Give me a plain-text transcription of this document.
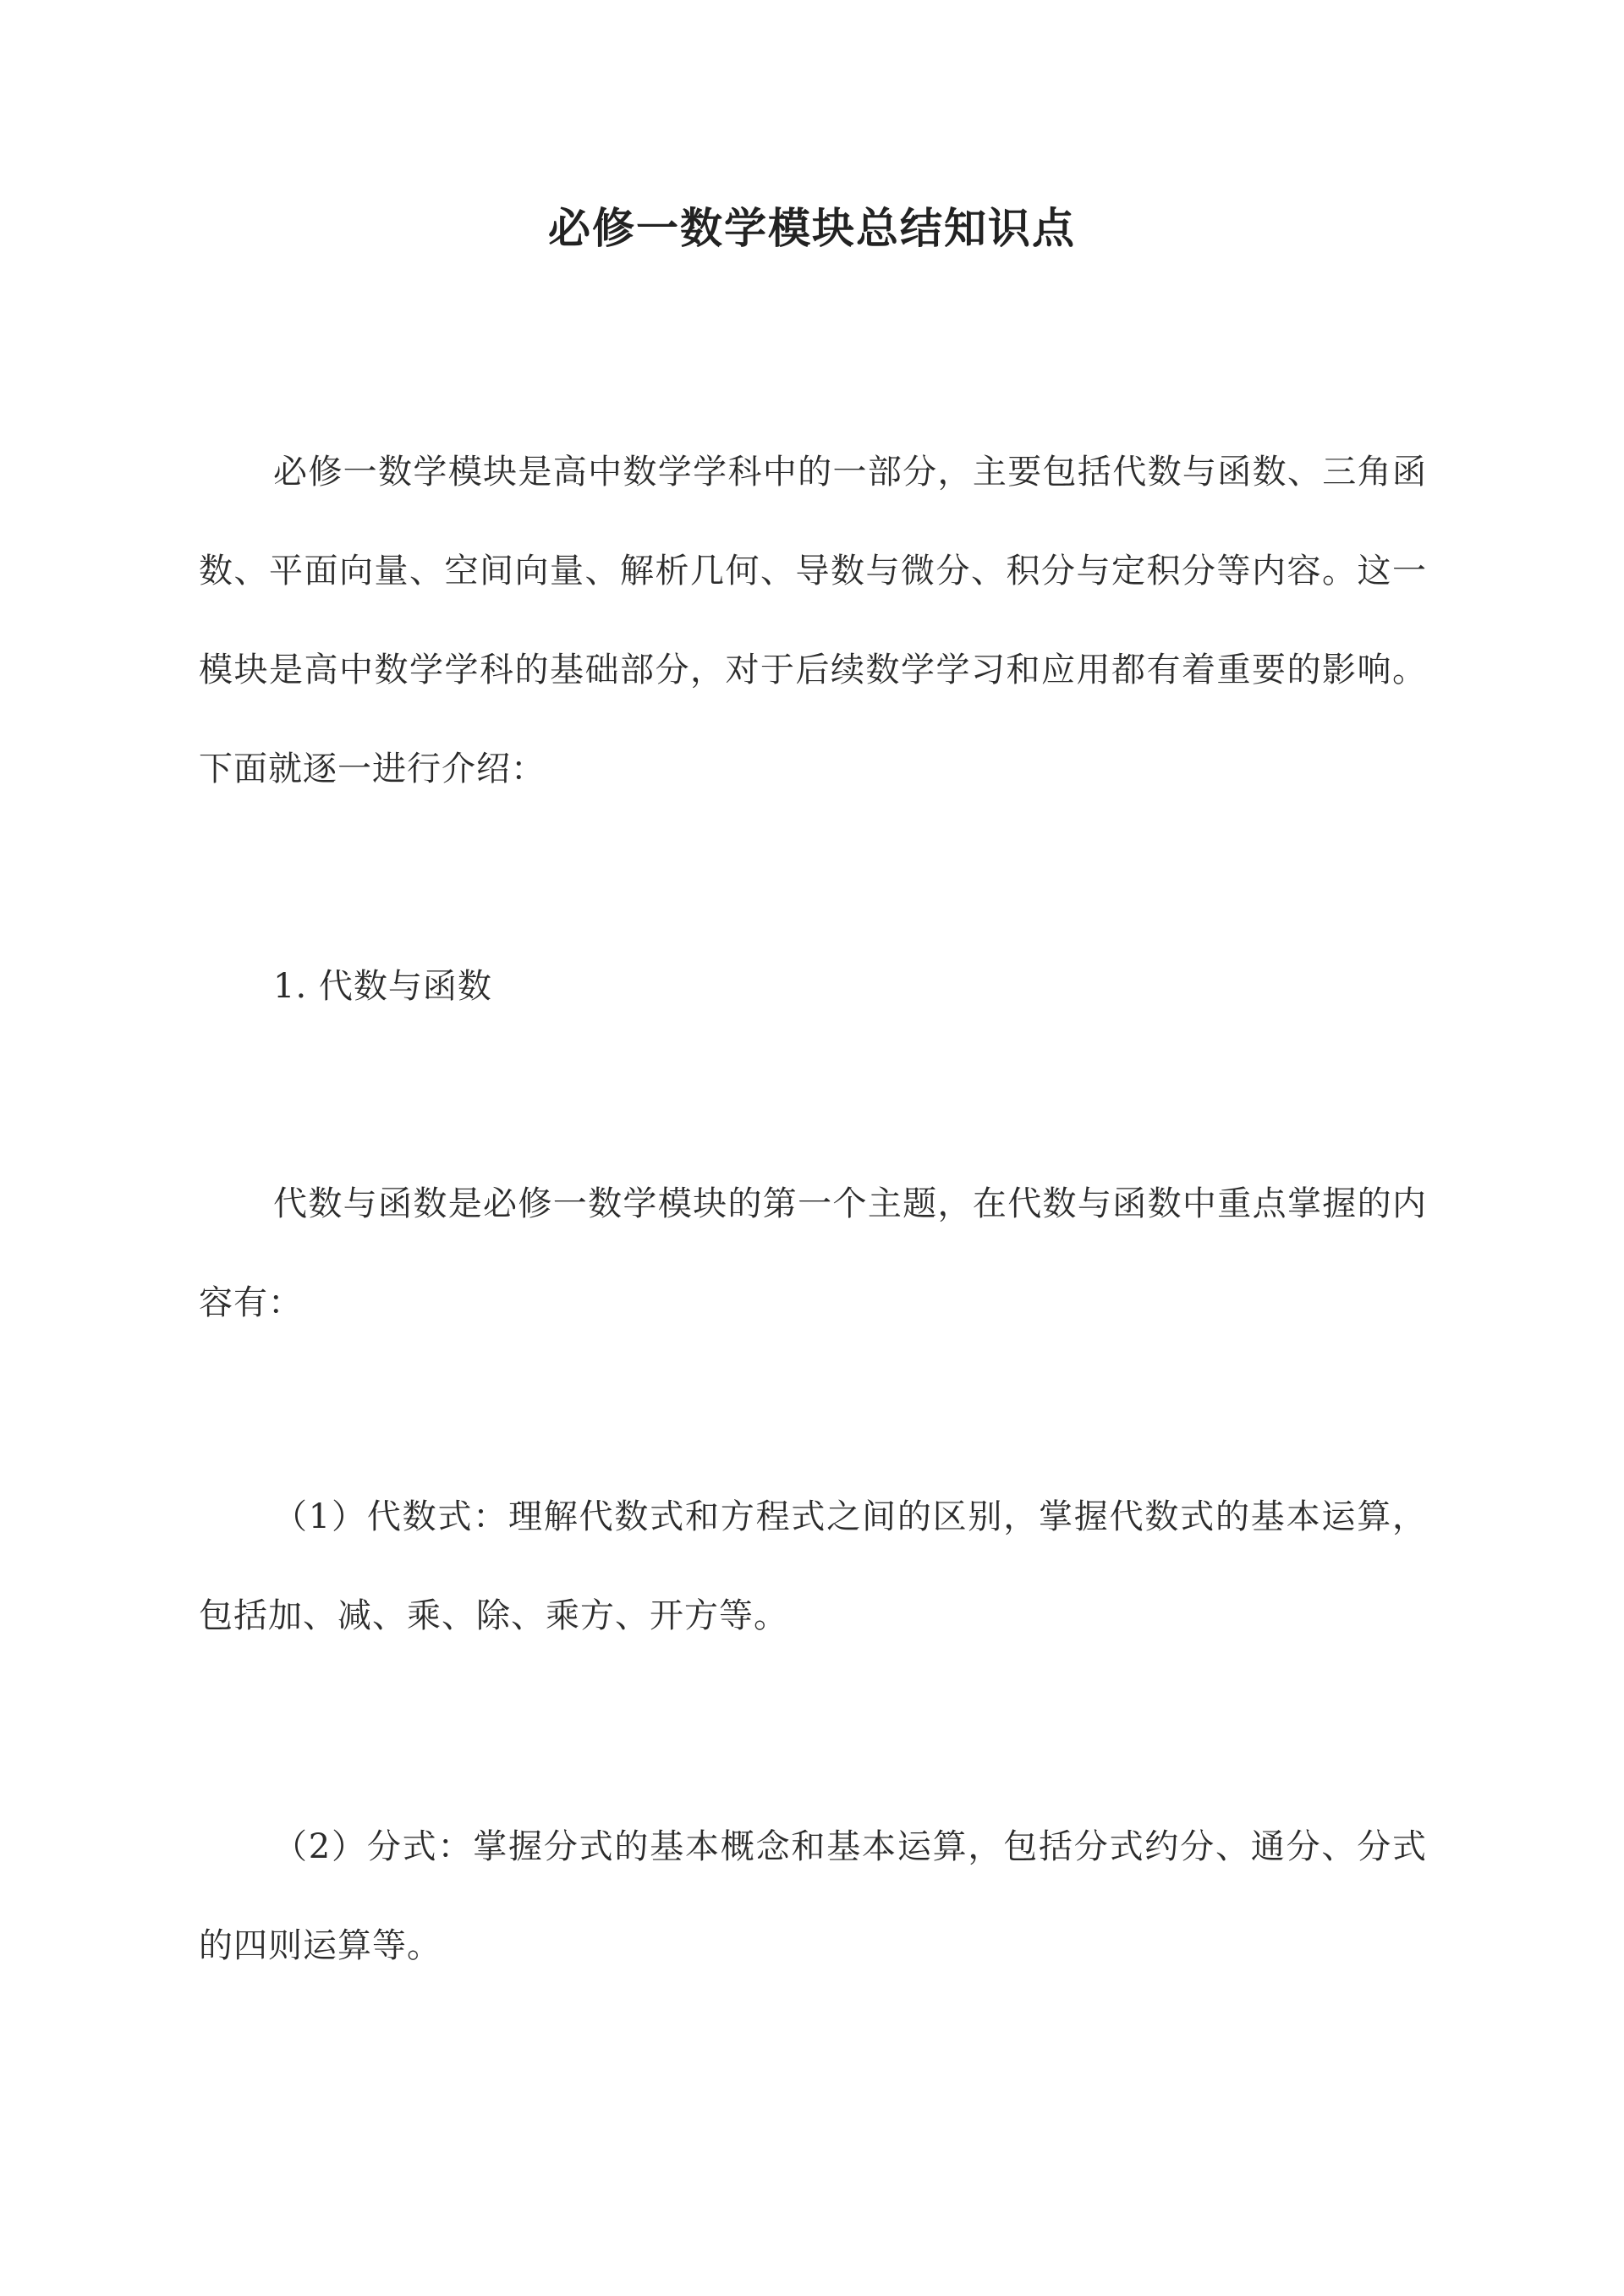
必修一数学模块总结知识点

必修一数学模块是高中数学学科中的一部分，主要包括代数与函数、三角函数、平面向量、空间向量、解析几何、导数与微分、积分与定积分等内容。这一模块是高中数学学科的基础部分，对于后续数学学习和应用都有着重要的影响。下面就逐一进行介绍：

1. 代数与函数

代数与函数是必修一数学模块的第一个主题，在代数与函数中重点掌握的内容有：

（1）代数式：理解代数式和方程式之间的区别，掌握代数式的基本运算，包括加、减、乘、除、乘方、开方等。

（2）分式：掌握分式的基本概念和基本运算，包括分式约分、通分、分式的四则运算等。
